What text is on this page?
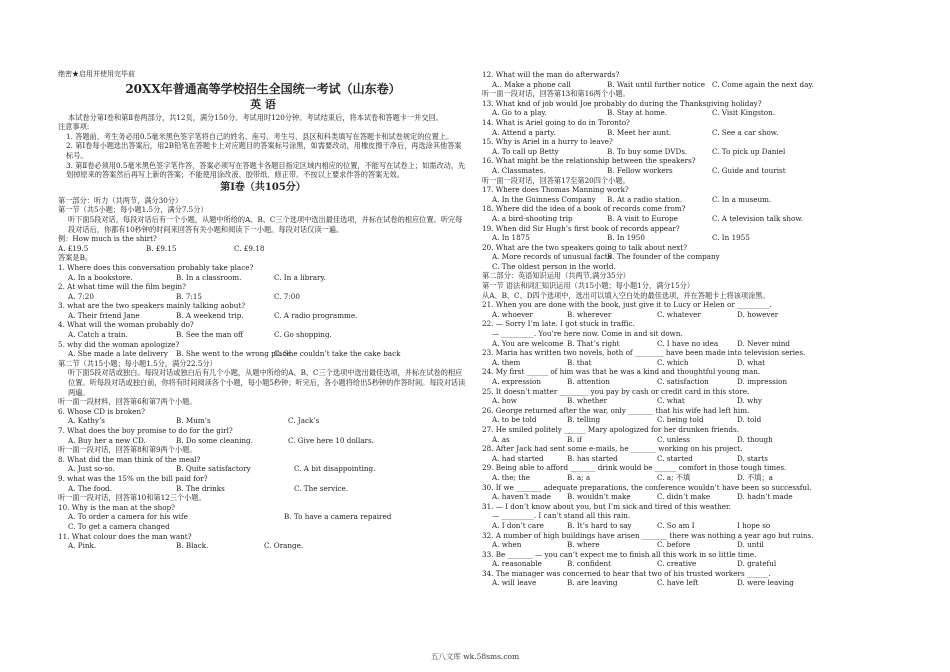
绝密★启用并使用完毕前
20XX年普通高等学校招生全国统一考试（山东卷）
英 语
本试卷分第Ⅰ卷和第Ⅱ卷两部分，共12页，满分150分。考试用时120分钟。考试结束后，将本试卷和答题卡一并交回。
注意事项:
1. 答题前，考生务必用0.5毫米黑色签字笔将自己的姓名、座号、考生号、县区和科类填写在答题卡和试卷规定的位置上。
2. 第Ⅰ卷每小题选出答案后，用2B铅笔在答题卡上对应题目的答案标号涂黑，如需要改动，用橡皮擦干净后，再选涂其他答案标号。
3. 第Ⅱ卷必须用0.5毫米黑色签字笔作答，答案必须写在答题卡各题目指定区域内相应的位置，不能写在试卷上；如需改动，先划掉原来的答案然后再写上新的答案；不能使用涂改液、胶带纸、修正带。不按以上要求作答的答案无效。
第Ⅰ卷（共105分）
第一部分：听力（共两节，满分30分）
第一节（共5小题；每小题1.5分，满分7.5分）
听下面5段对话，每段对话后有一个小题，从题中所给的A、B、C三个选项中选出最佳选项，并标在试卷的相应位置。听完每段对话后，你都有10秒钟的时间来回答有关小题和阅读下一小题。每段对话仅读一遍。
例：How much is the shirt?
A. £19.5	B. £9.15	C. £9.18
答案是B。
1. Where does this conversation probably take place?
A. In a bookstore.	B. In a classroom.	C. In a library.
2. At what time will the film begin?
A. 7:20	B. 7:15	C. 7:00
3. what are the two speakers mainly talking aobut?
A. Their friend Jane	B. A weekend trip.	C. A radio programme.
4. What will the woman probably do?
A. Catch a train.	B. See the man off	C. Go shopping.
5. why did the woman apologize?
A. She made a late delivery	B. She went to the wrong place
C. She couldn’t take the cake back
第二节（共15小题；每小题1.5分，满分22.5分）
听下面5段对话或独白。每段对话或独白后有几个小题，从题中所给的A、B、C三个选项中选出最佳选项，并标在试卷的相应位置。听每段对话或独白前，你将有时间阅读各个小题，每小题5秒钟；听完后，各小题将给出5秒钟的作答时间。每段对话读两遍。
听一面一段材料，回答第6和第7两个小题。
6. Whose CD is broken?
A. Kathy’s	B. Mum’s	C. Jack’s
7. What does the boy promise to do for the girl?
A. Buy her a new CD.	B. Do some cleaning.	C. Give here 10 dollars.
听一面一段对话，回答第8和第9两个小题。
8. What did the man think of the meal?
A. Just so-so.	B. Quite satisfactory	C. A bit disappointing.
9. what was the 15% on the bill paid for?
A. The food.	B. The drinks	C. The service.
听一面一段对话，回答第10和第12三个小题。
10. Why is the man at the shop?
A. To order a camera for his wife	B. To have a camera repaired
C. To get a camera changed
11. What colour does the man want?
A. Pink.	B. Black.	C. Orange.
12. What will the man do afterwards?
A.. Make a phone call	B. Wait until further notice C. Come again the next day.
听一面一段对话，回答第13和第16两个小题。
13. What knd of job would Joe probably do during the Thanksgiving holiday?
A. Go to a play.	B. Stay at home.	C. Visit Kingston.
14. What is Ariel going to do in Toronto?
A. Attend a party.	B. Meet her aunt.	C. See a car show.
15. Why is Ariel in a hurry to leave?
A. To call up Betty	B. To buy some DVDs.	C. To pick up Daniel
16. What might be the relationship between the speakers?
A. Classmates.	B. Fellow workers	C. Guide and tourist
听一面一段对话，回答第17至第20四个小题。
17. Where does Thomas Manning work?
A. In the Guinness Company	B. At a radio station.	C. In a museum.
18. Where did the idea of a book of records come from?
A. a bird-shooting trip	B. A visit to Europe	C. A television talk show.
19. When did Sir Hugh’s first book of records appear?
A. In 1875	B. In 1950	C. In 1955
20. What are the two speakers going to talk about next?
A. More records of unusual facts
B. The founder of the company
C. The oldest person in the world.
第二部分：英语知识运用（共两节,满分35分）
第一节 语法和词汇知识运用（共15小题；每小题1分，满分15分）
从A、B、C、D四个选项中，选出可以填入空白处的最佳选项，并在答题卡上将该项涂黑。
21. When you are done with the book, just give it to Lucy or Helen or _________.
A. whoever	B. wherever	C. whatever	D. however
22. — Sorry I’m late. I got stuck in traffic.
— _________. You’re here now. Come in and sit down.
A. You are welcome B. That’s right	C. I have no idea	D. Never mind
23. Maria has written two novels, both of ________ have been made into television series.
A. them	B. that	C. which	D. what
24. My first ______ of him was that he was a kind and thoughtful young man.
A. expression	B. attention	C. satisfaction	D. impression
25. It doesn’t matter ________ you pay by cash or credit card in this store.
A. how	B. whether	C. what	D. why
26. George returned after the war, only _______ that his wife had left him.
A. to be told	B. telling	C. being told	D. told
27. He smiled politely ______ Mary apologized for her drunken friends.
A. as	B. if	C. unless	D. though
28. After Jack had sent some e-mails, he _______ working on his project.
A. had started	B. has started	C. started	D. starts
29. Being able to afford _______ drink would be ______ comfort in those tough times.
A. the; the	B. a; a	C. a; 不填	D. 不填；a
30. If we _______ adequate preparations, the conference wouldn’t have been so successful.
A. haven’t made	B. wouldn’t make	C. didn’t make	D. hadn’t made
31. — I don’t know about you, but I’m sick and tired of this weather.
— _________. I can’t stand all this rain.
A. I don’t care	B. It’s hard to say	C. So am I	I hope so
32. A number of high buildings have arisen _______ there was nothing a year ago but ruins.
A. when	B. where	C. before	D. until
33. Be _______ — you can’t expect me to finish all this work in so little time.
A. reasonable	B. confident	C. creative	D. grateful
34. The manager was concerned to hear that two of his trusted workers ______.
A. will leave	B. are leaving	C. have left	D. were leaving
五八文库 wk.58sms.com
